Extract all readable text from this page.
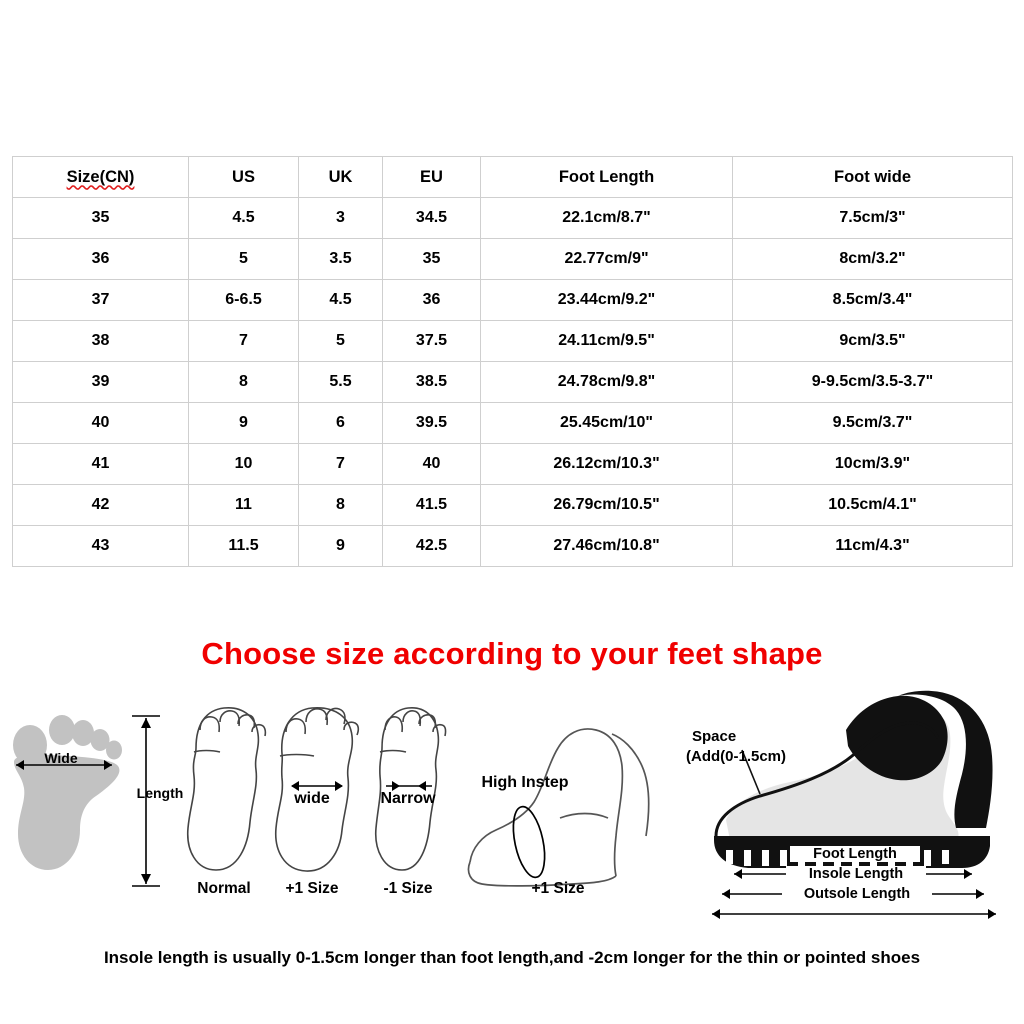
Size(CN)	US	UK	EU	Foot Length	Foot wide
35	4.5	3	34.5	22.1cm/8.7"	7.5cm/3"
36	5	3.5	35	22.77cm/9"	8cm/3.2"
37	6-6.5	4.5	36	23.44cm/9.2"	8.5cm/3.4"
38	7	5	37.5	24.11cm/9.5"	9cm/3.5"
39	8	5.5	38.5	24.78cm/9.8"	9-9.5cm/3.5-3.7"
40	9	6	39.5	25.45cm/10"	9.5cm/3.7"
41	10	7	40	26.12cm/10.3"	10cm/3.9"
42	11	8	41.5	26.79cm/10.5"	10.5cm/4.1"
43	11.5	9	42.5	27.46cm/10.8"	11cm/4.3"
Choose size according to your feet shape
Wide
Length
Normal
wide
+1 Size
Narrow
-1 Size
High Instep
+1 Size
Space
(Add(0-1.5cm)
Foot Length
Insole Length
Outsole Length
Insole length is usually 0-1.5cm longer than foot length,and -2cm longer for the thin or pointed shoes
